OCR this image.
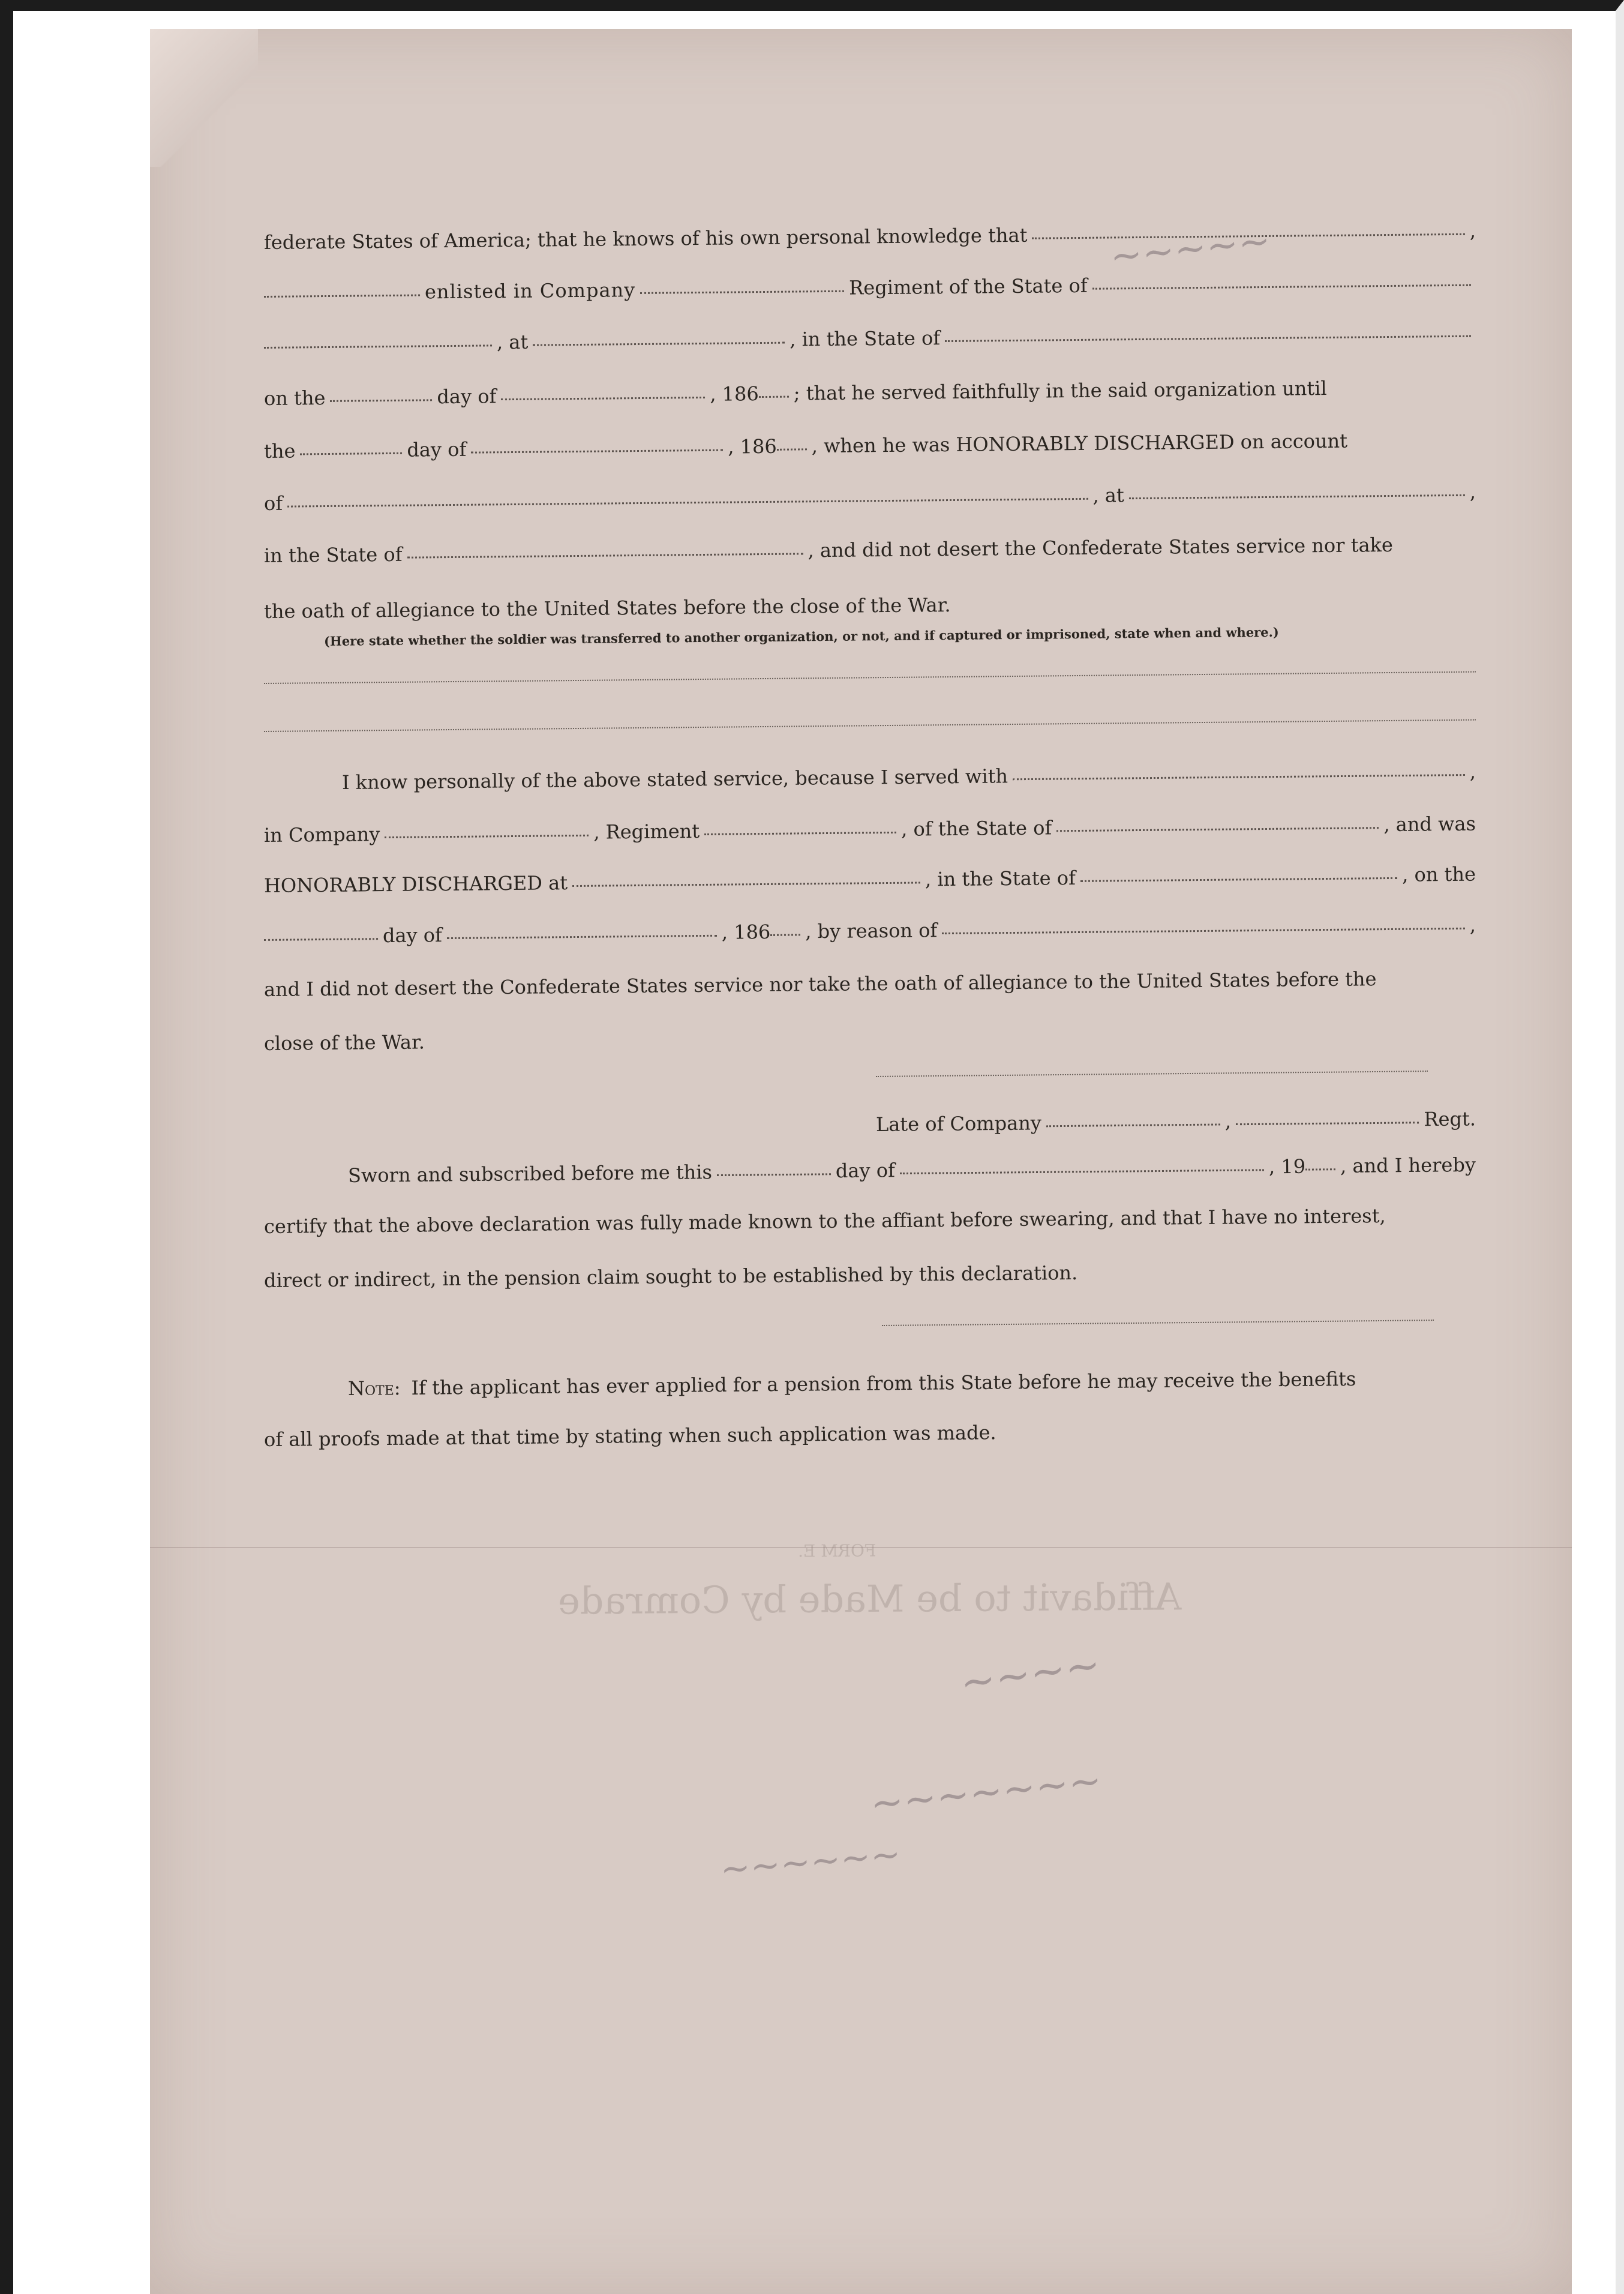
FORM E.
Affidavit to be Made by Comrade
~~~~~
~~~~
~~~~~~~
~~~~~~
federate States of America; that he knows of his own personal knowledge that	,
enlisted in Company	Regiment of the State of
, at	, in the State of
on the	day of	, 186 ; that he served faithfully in the said organization until
the	day of	, 186 , when he was HONORABLY DISCHARGED on account
of	, at	,
in the State of	, and did not desert the Confederate States service nor take
the oath of allegiance to the United States before the close of the War.
(Here state whether the soldier was transferred to another organization, or not, and if captured or imprisoned, state when and where.)
I know personally of the above stated service, because I served with	,
in Company	, Regiment	, of the State of	, and was
HONORABLY DISCHARGED at	, in the State of	, on the
day of	, 186 , by reason of	,
and I did not desert the Confederate States service nor take the oath of allegiance to the United States before the
close of the War.
Late of Company	,	Regt.
Sworn and subscribed before me this	day of	, 19 , and I hereby
certify that the above declaration was fully made known to the affiant before swearing, and that I have no interest,
direct or indirect, in the pension claim sought to be established by this declaration.
Note: If the applicant has ever applied for a pension from this State before he may receive the benefits
of all proofs made at that time by stating when such application was made.
